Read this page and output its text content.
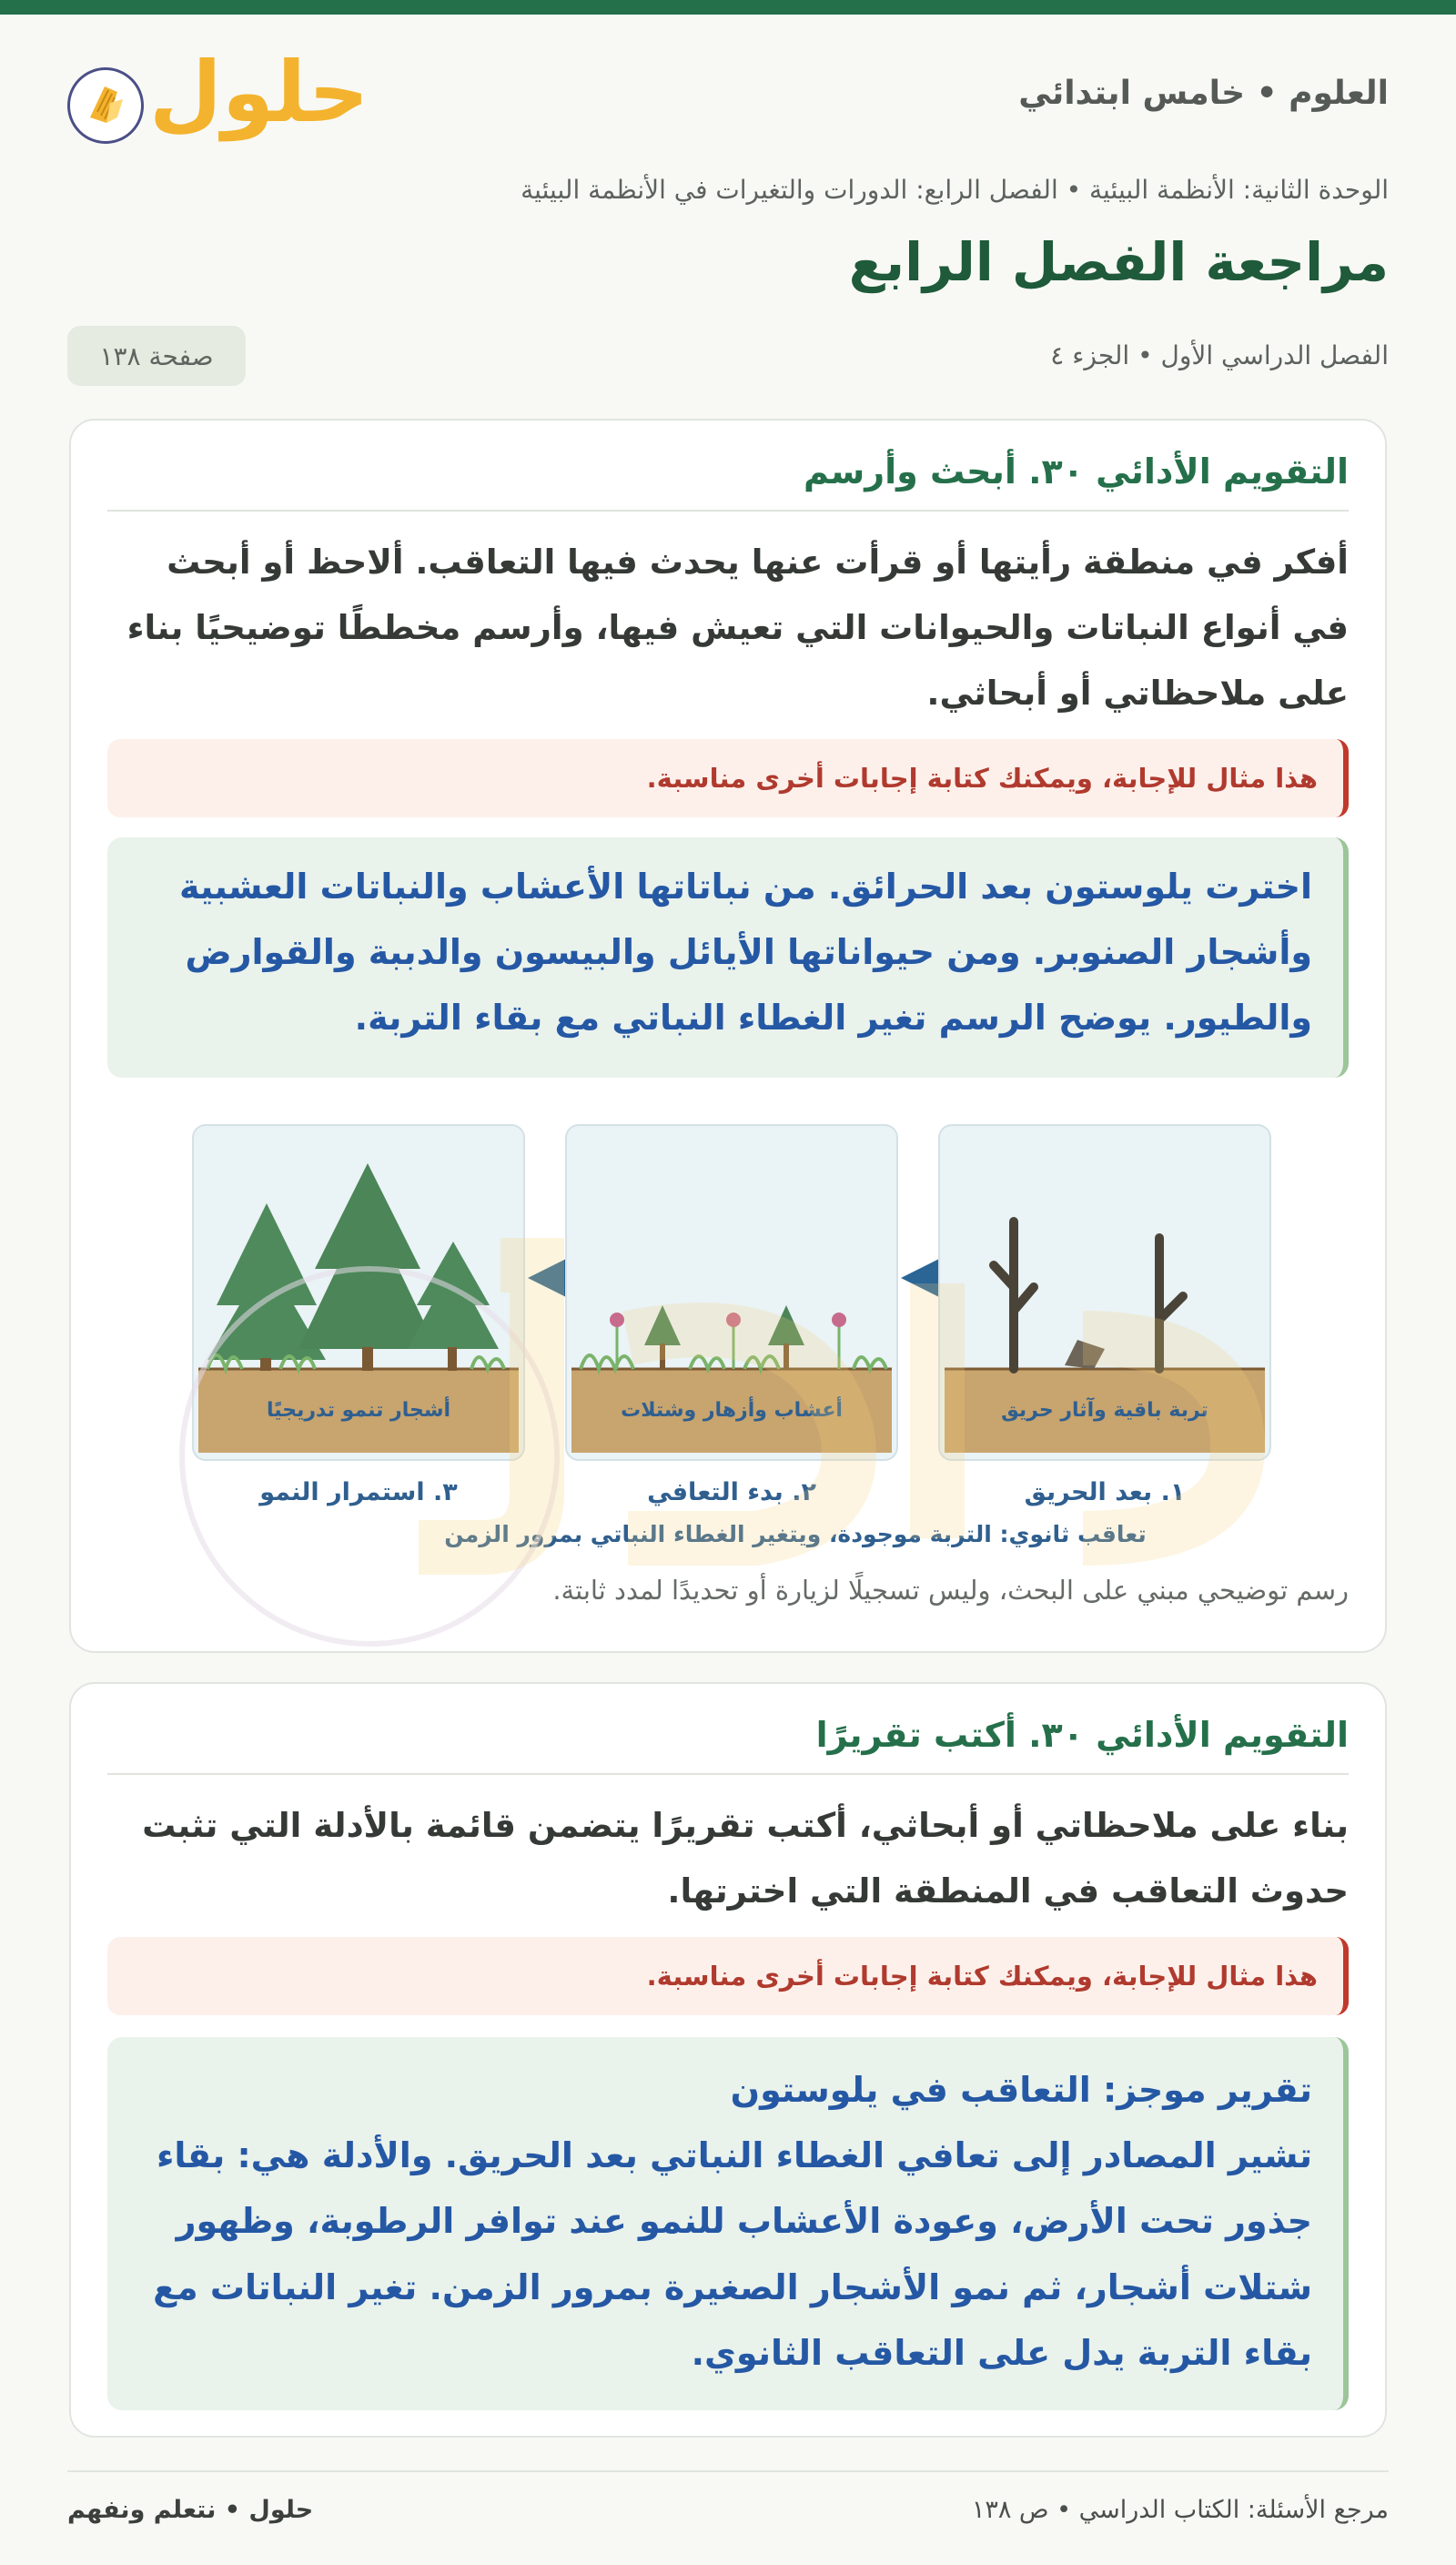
العلوم • خامس ابتدائي
حلول
الوحدة الثانية: الأنظمة البيئية • الفصل الرابع: الدورات والتغيرات في الأنظمة البيئية
مراجعة الفصل الرابع
الفصل الدراسي الأول • الجزء ٤
صفحة ١٣٨
التقويم الأدائي ٣٠. أبحث وأرسم
أفكر في منطقة رأيتها أو قرأت عنها يحدث فيها التعاقب. ألاحظ أو أبحث في أنواع النباتات والحيوانات التي تعيش فيها، وأرسم مخططًا توضيحيًا بناء على ملاحظاتي أو أبحاثي.
هذا مثال للإجابة، ويمكنك كتابة إجابات أخرى مناسبة.
اخترت يلوستون بعد الحرائق. من نباتاتها الأعشاب والنباتات العشبية وأشجار الصنوبر. ومن حيواناتها الأيائل والبيسون والدببة والقوارض والطيور. يوضح الرسم تغير الغطاء النباتي مع بقاء التربة.
أشجار تنمو تدريجيًا	أعشاب وأزهار وشتلات	تربة باقية وآثار حريق
١. بعد الحريق
٢. بدء التعافي
٣. استمرار النمو
تعاقب ثانوي: التربة موجودة، ويتغير الغطاء النباتي بمرور الزمن
رسم توضيحي مبني على البحث، وليس تسجيلًا لزيارة أو تحديدًا لمدد ثابتة.
التقويم الأدائي ٣٠. أكتب تقريرًا
بناء على ملاحظاتي أو أبحاثي، أكتب تقريرًا يتضمن قائمة بالأدلة التي تثبت حدوث التعاقب في المنطقة التي اخترتها.
هذا مثال للإجابة، ويمكنك كتابة إجابات أخرى مناسبة.
تقرير موجز: التعاقب في يلوستون
تشير المصادر إلى تعافي الغطاء النباتي بعد الحريق. والأدلة هي: بقاء جذور تحت الأرض، وعودة الأعشاب للنمو عند توافر الرطوبة، وظهور شتلات أشجار، ثم نمو الأشجار الصغيرة بمرور الزمن. تغير النباتات مع بقاء التربة يدل على التعاقب الثانوي.
حلول • نتعلم ونفهم	مرجع الأسئلة: الكتاب الدراسي • ص ١٣٨
